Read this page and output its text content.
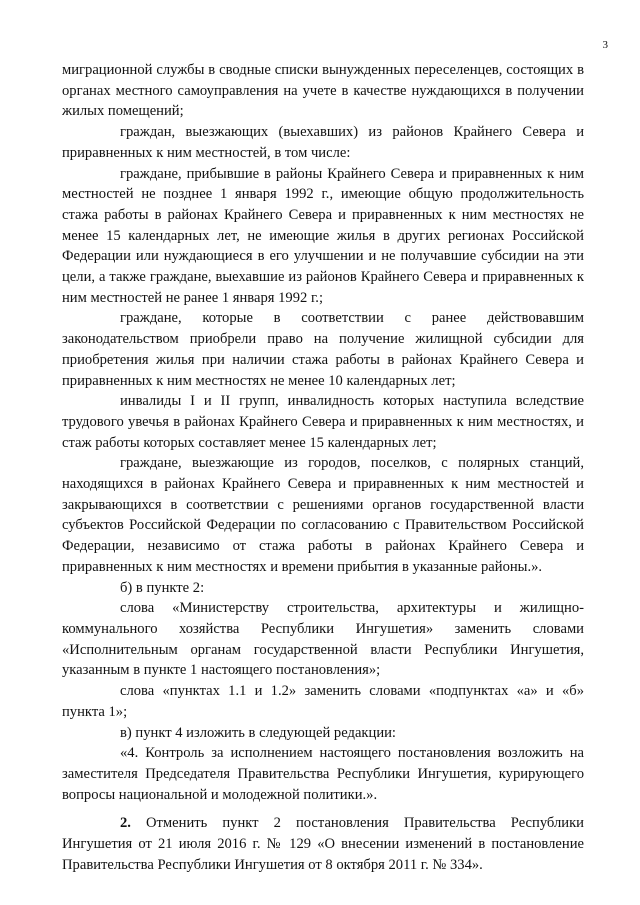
3

миграционной службы в сводные списки вынужденных переселенцев, состоящих в органах местного самоуправления на учете в качестве нуждающихся в получении жилых помещений;

граждан, выезжающих (выехавших) из районов Крайнего Севера и приравненных к ним местностей, в том числе:

граждане, прибывшие в районы Крайнего Севера и приравненных к ним местностей не позднее 1 января 1992 г., имеющие общую продолжительность стажа работы в районах Крайнего Севера и приравненных к ним местностях не менее 15 календарных лет, не имеющие жилья в других регионах Российской Федерации или нуждающиеся в его улучшении и не получавшие субсидии на эти цели, а также граждане, выехавшие из районов Крайнего Севера и приравненных к ним местностей не ранее 1 января 1992 г.;

граждане, которые в соответствии с ранее действовавшим законодательством приобрели право на получение жилищной субсидии для приобретения жилья при наличии стажа работы в районах Крайнего Севера и приравненных к ним местностях не менее 10 календарных лет;

инвалиды I и II групп, инвалидность которых наступила вследствие трудового увечья в районах Крайнего Севера и приравненных к ним местностях, и стаж работы которых составляет менее 15 календарных лет;

граждане, выезжающие из городов, поселков, с полярных станций, находящихся в районах Крайнего Севера и приравненных к ним местностей и закрывающихся в соответствии с решениями органов государственной власти субъектов Российской Федерации по согласованию с Правительством Российской Федерации, независимо от стажа работы в районах Крайнего Севера и приравненных к ним местностях и времени прибытия в указанные районы.».

б) в пункте 2:

слова «Министерству строительства, архитектуры и жилищно-коммунального хозяйства Республики Ингушетия» заменить словами «Исполнительным органам государственной власти Республики Ингушетия, указанным в пункте 1 настоящего постановления»;

слова «пунктах 1.1 и 1.2» заменить словами «подпунктах «а» и «б» пункта 1»;

в) пункт 4 изложить в следующей редакции:

«4. Контроль за исполнением настоящего постановления возложить на заместителя Председателя Правительства Республики Ингушетия, курирующего вопросы национальной и молодежной политики.».

2. Отменить пункт 2 постановления Правительства Республики Ингушетия от 21 июля 2016 г. № 129 «О внесении изменений в постановление Правительства Республики Ингушетия от 8 октября 2011 г. № 334».
